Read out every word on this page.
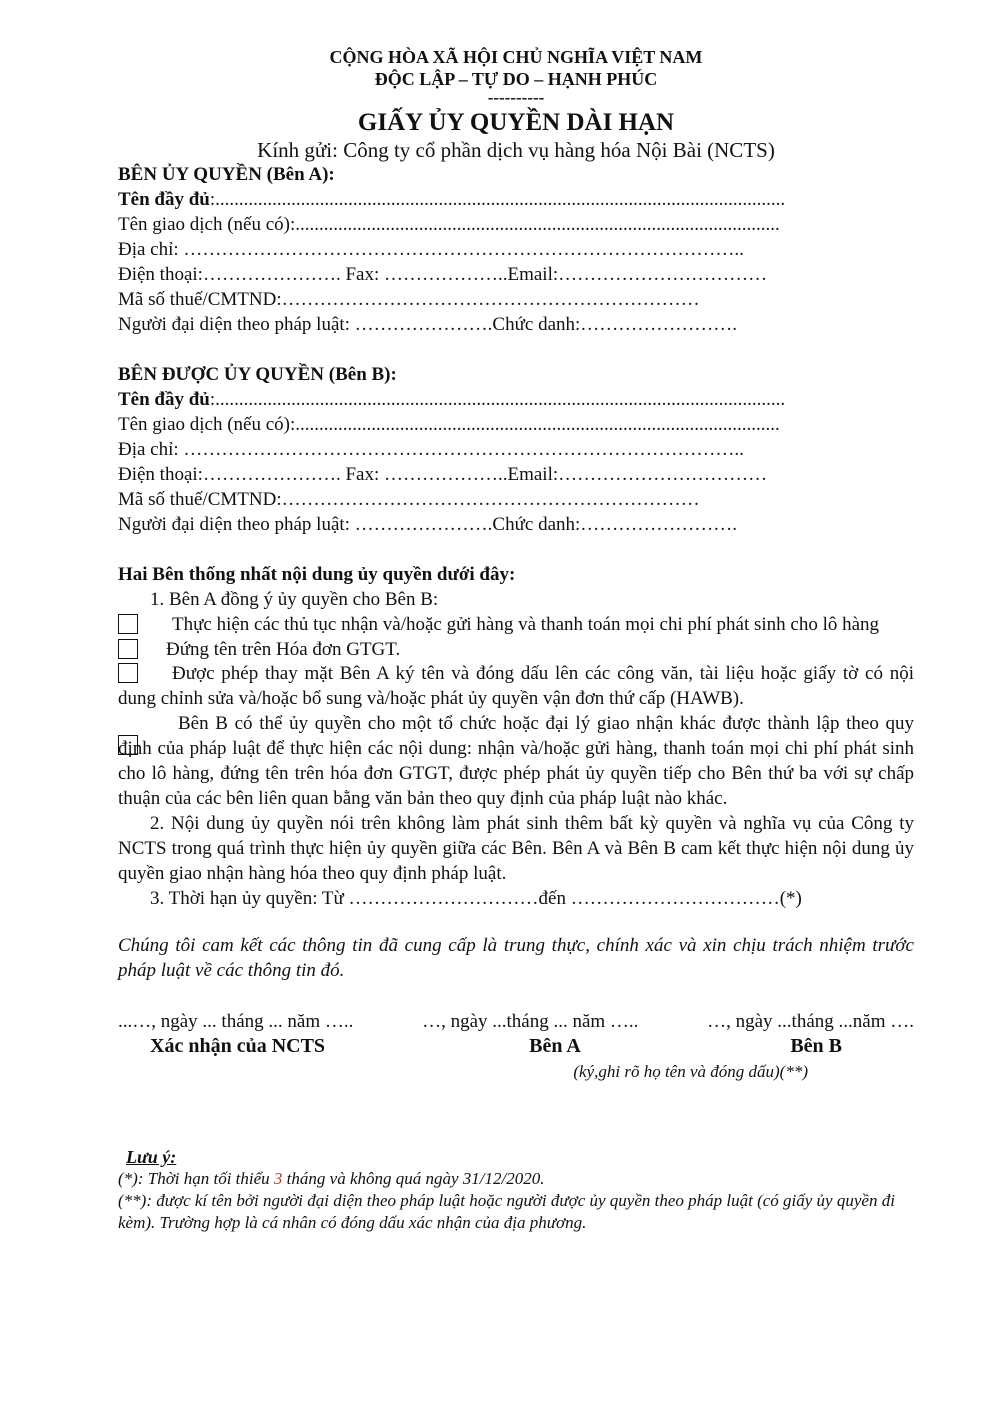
CỘNG HÒA XÃ HỘI CHỦ NGHĨA VIỆT NAM
ĐỘC LẬP – TỰ DO – HẠNH PHÚC
----------
GIẤY ỦY QUYỀN DÀI HẠN
Kính gửi: Công ty cổ phần dịch vụ hàng hóa Nội Bài (NCTS)
BÊN ỦY QUYỀN (Bên A):
Tên đầy đủ:........................................................................................................................
Tên giao dịch (nếu có):......................................................................................................
Địa chỉ: ……………………………………………………………………………..
Điện thoại:…………………. Fax: ………………..Email:……………………………
Mã số thuế/CMTND:…………………………………………………………
Người đại diện theo pháp luật: ………………….Chức danh:…………………….
BÊN ĐƯỢC ỦY QUYỀN (Bên B):
Tên đầy đủ:........................................................................................................................
Tên giao dịch (nếu có):......................................................................................................
Địa chỉ: ……………………………………………………………………………..
Điện thoại:…………………. Fax: ………………..Email:……………………………
Mã số thuế/CMTND:…………………………………………………………
Người đại diện theo pháp luật: ………………….Chức danh:…………………….
Hai Bên thống nhất nội dung ủy quyền dưới đây:
1. Bên A đồng ý ủy quyền cho Bên B:
Thực hiện các thủ tục nhận và/hoặc gửi hàng và thanh toán mọi chi phí phát sinh cho lô hàng
Đứng tên trên Hóa đơn GTGT.
Được phép thay mặt Bên A ký tên và đóng dấu lên các công văn, tài liệu hoặc giấy tờ có nội dung chỉnh sửa và/hoặc bổ sung và/hoặc phát ủy quyền vận đơn thứ cấp (HAWB).
Bên B có thể ủy quyền cho một tổ chức hoặc đại lý giao nhận khác được thành lập theo quy định của pháp luật để thực hiện các nội dung: nhận và/hoặc gửi hàng, thanh toán mọi chi phí phát sinh cho lô hàng, đứng tên trên hóa đơn GTGT, được phép phát ủy quyền tiếp cho Bên thứ ba với sự chấp thuận của các bên liên quan bằng văn bản theo quy định của pháp luật nào khác.
2. Nội dung ủy quyền nói trên không làm phát sinh thêm bất kỳ quyền và nghĩa vụ của Công ty NCTS trong quá trình thực hiện ủy quyền giữa các Bên. Bên A và Bên B cam kết thực hiện nội dung ủy quyền giao nhận hàng hóa theo quy định pháp luật.
3. Thời hạn ủy quyền: Từ …………………………đến ……………………………(*)
Chúng tôi cam kết các thông tin đã cung cấp là trung thực, chính xác và xin chịu trách nhiệm trước pháp luật về các thông tin đó.
...…, ngày ... tháng ... năm …..	…, ngày ...tháng ... năm …..	…, ngày ...tháng ...năm ….
Xác nhận của NCTS	Bên A	Bên B
(ký,ghi rõ họ tên và đóng dấu)(**)
Lưu ý:
(*): Thời hạn tối thiểu 3 tháng và không quá ngày 31/12/2020.
(**): được kí tên bởi người đại diện theo pháp luật hoặc người được ủy quyền theo pháp luật (có giấy ủy quyền đi kèm). Trường hợp là cá nhân có đóng dấu xác nhận của địa phương.
